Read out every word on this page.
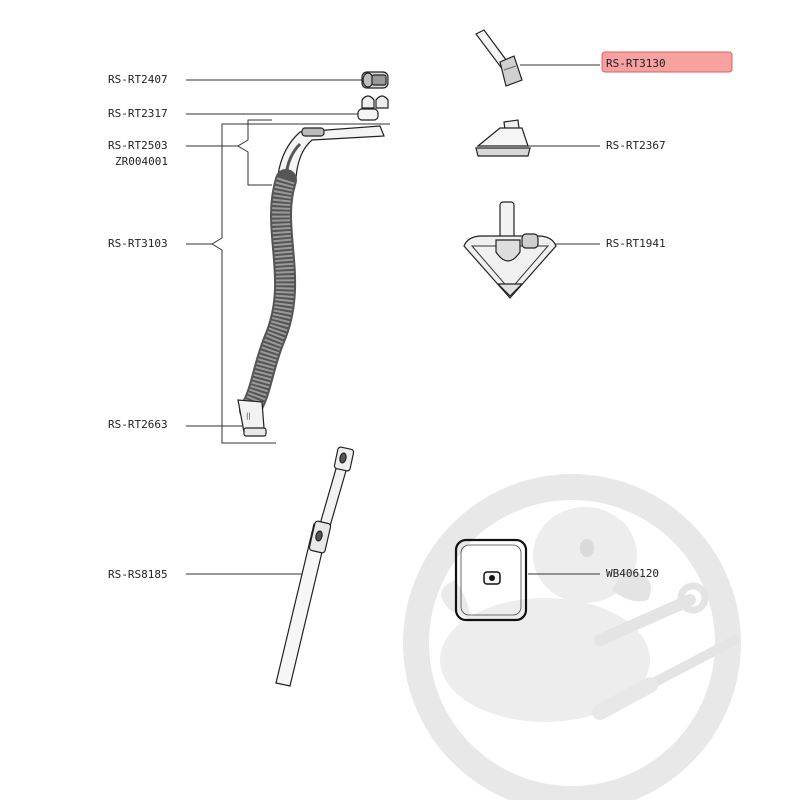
RS-RT2407
RS-RT2317
RS-RT2503
ZR004001
RS-RT3103
RS-RT2663
RS-RS8185
RS-RT3130
RS-RT2367
RS-RT1941
WB406120
||
